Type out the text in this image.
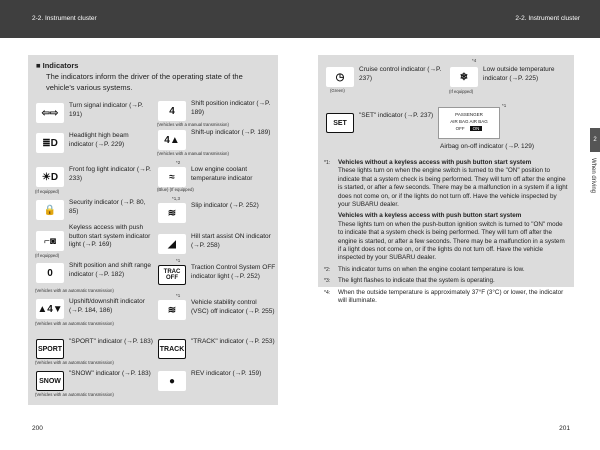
2-2. Instrument cluster	2-2. Instrument cluster
2
When driving
■ Indicators
The indicators inform the driver of the operating state of the vehicle's various systems.
⇦⇨
Turn signal indicator (→P. 191)
≣D
Headlight high beam indicator (→P. 229)
☀D
Front fog light indicator (→P. 233)
(If equipped)
🔒
Security indicator (→P. 80, 85)
⌐◙
Keyless access with push button start system indicator light (→P. 169)
(If equipped)
0
Shift position and shift range indicator (→P. 182)
(Vehicles with an automatic transmission)
▲4▼
Upshift/downshift indicator (→P. 184, 186)
(Vehicles with an automatic transmission)
SPORT
"SPORT" indicator (→P. 183)
(Vehicles with an automatic transmission)
SNOW
"SNOW" indicator (→P. 183)
(Vehicles with an automatic transmission)
4
Shift position indicator (→P. 189)
(Vehicles with a manual transmission)
4▲
Shift-up indicator (→P. 189)
(Vehicles with a manual transmission)
*2
≈
Low engine coolant temperature indicator
(Blue) (If equipped)
*1,3
≋
Slip indicator (→P. 252)
◢
Hill start assist ON indicator (→P. 258)
*1
TRAC OFF
Traction Control System OFF indicator light (→P. 252)
*1
≋
Vehicle stability control (VSC) off indicator (→P. 255)
TRACK
"TRACK" indicator (→P. 253)
●
REV indicator (→P. 159)
◷
Cruise control indicator (→P. 237)
(Green)
*4
❄
Low outside temperature indicator (→P. 225)
(If equipped)
SET
"SET" indicator (→P. 237)
*1
PASSENGER
AIR BAG AIR BAG
OFF ON
Airbag on-off indicator (→P. 129)
*1: Vehicles without a keyless access with push button start system
These lights turn on when the engine switch is turned to the "ON" position to indicate that a system check is being performed. They will turn off after the engine is started, or after a few seconds. There may be a malfunction in a system if a light does not come on, or if the lights do not turn off. Have the vehicle inspected by your SUBARU dealer.
Vehicles with a keyless access with push button start system
These lights turn on when the push-button ignition switch is turned to "ON" mode to indicate that a system check is being performed. They will turn off after the engine is started, or after a few seconds. There may be a malfunction in a system if a light does not come on, or if the lights do not turn off. Have the vehicle inspected by your SUBARU dealer.
*2: This indicator turns on when the engine coolant temperature is low.
*3: The light flashes to indicate that the system is operating.
*4: When the outside temperature is approximately 37°F (3°C) or lower, the indicator will illuminate.
200	201
